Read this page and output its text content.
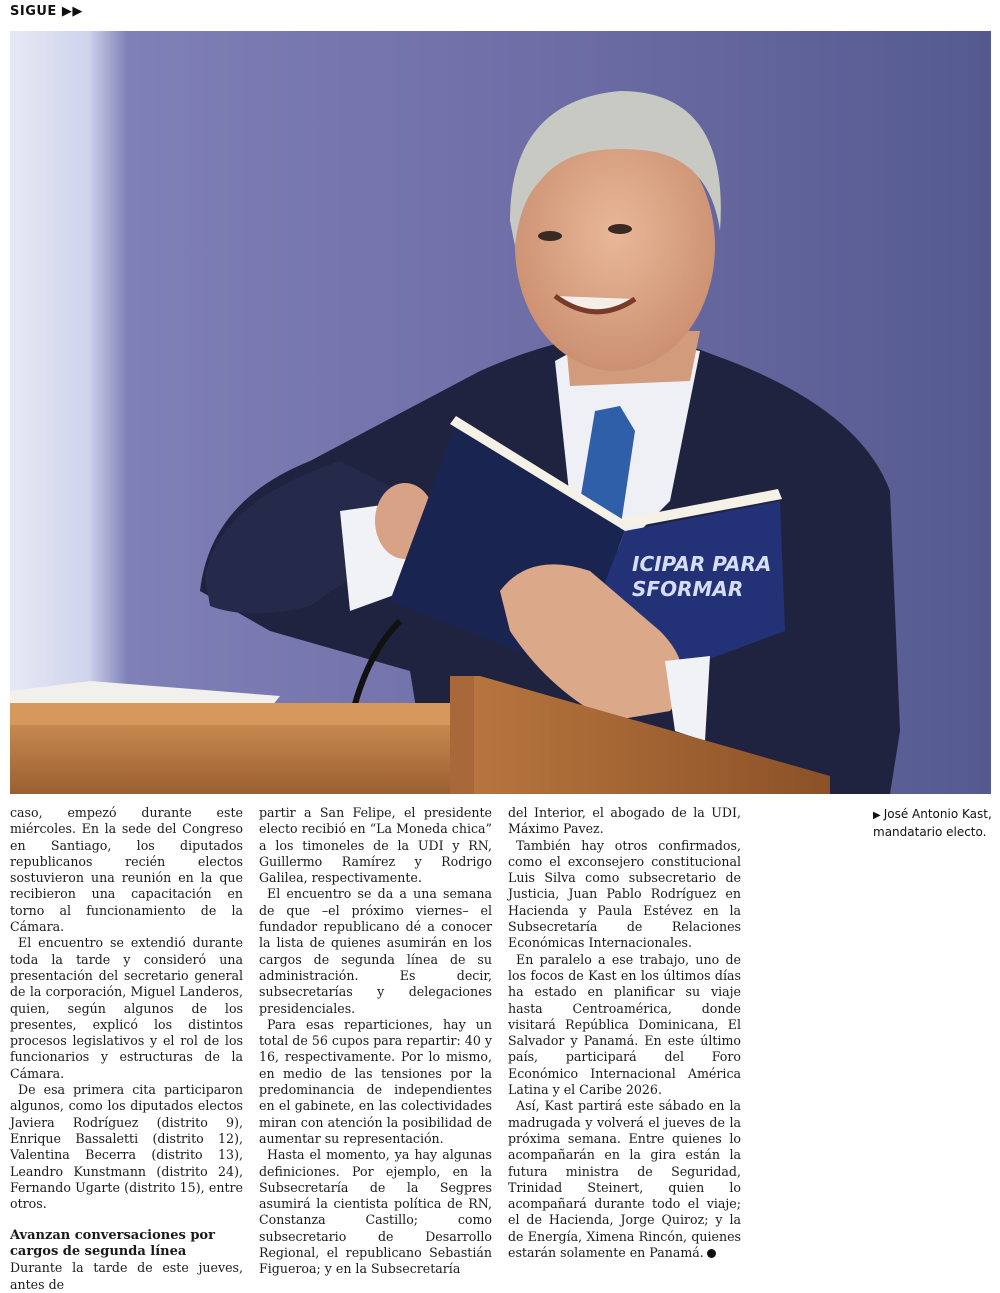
SIGUE ▶▶
ICIPAR PARA
SFORMAR

caso, empezó durante este miércoles. En la sede del Congreso en Santiago, los diputados republicanos recién electos sostuvieron una reunión en la que recibieron una capacitación en torno al funcionamiento de la Cámara.

El encuentro se extendió durante toda la tarde y consideró una presentación del secretario general de la corporación, Miguel Landeros, quien, según algunos de los presentes, explicó los distintos procesos legislativos y el rol de los funcionarios y estructuras de la Cámara.

De esa primera cita participaron algunos, como los diputados electos Javiera Rodríguez (distrito 9), Enrique Bassaletti (distrito 12), Valentina Becerra (distrito 13), Leandro Kunstmann (distrito 24), Fernando Ugarte (distrito 15), entre otros.

Avanzan conversaciones por cargos de segunda línea

Durante la tarde de este jueves, antes de

partir a San Felipe, el presidente electo recibió en “La Moneda chica” a los timoneles de la UDI y RN, Guillermo Ramírez y Rodrigo Galilea, respectivamente.

El encuentro se da a una semana de que –el próximo viernes– el fundador republicano dé a conocer la lista de quienes asumirán en los cargos de segunda línea de su administración. Es decir, subsecretarías y delegaciones presidenciales.

Para esas reparticiones, hay un total de 56 cupos para repartir: 40 y 16, respectivamente. Por lo mismo, en medio de las tensiones por la predominancia de independientes en el gabinete, en las colectividades miran con atención la posibilidad de aumentar su representación.

Hasta el momento, ya hay algunas definiciones. Por ejemplo, en la Subsecretaría de la Segpres asumirá la cientista política de RN, Constanza Castillo; como subsecretario de Desarrollo Regional, el republicano Sebastián Figueroa; y en la Subsecretaría

del Interior, el abogado de la UDI, Máximo Pavez.

También hay otros confirmados, como el exconsejero constitucional Luis Silva como subsecretario de Justicia, Juan Pablo Rodríguez en Hacienda y Paula Estévez en la Subsecretaría de Relaciones Económicas Internacionales.

En paralelo a ese trabajo, uno de los focos de Kast en los últimos días ha estado en planificar su viaje hasta Centroamérica, donde visitará República Dominicana, El Salvador y Panamá. En este último país, participará del Foro Económico Internacional América Latina y el Caribe 2026.

Así, Kast partirá este sábado en la madrugada y volverá el jueves de la próxima semana. Entre quienes lo acompañarán en la gira están la futura ministra de Seguridad, Trinidad Steinert, quien lo acompañará durante todo el viaje; el de Hacienda, Jorge Quiroz; y la de Energía, Ximena Rincón, quienes estarán solamente en Panamá.

▶ José Antonio Kast,
mandatario electo.
